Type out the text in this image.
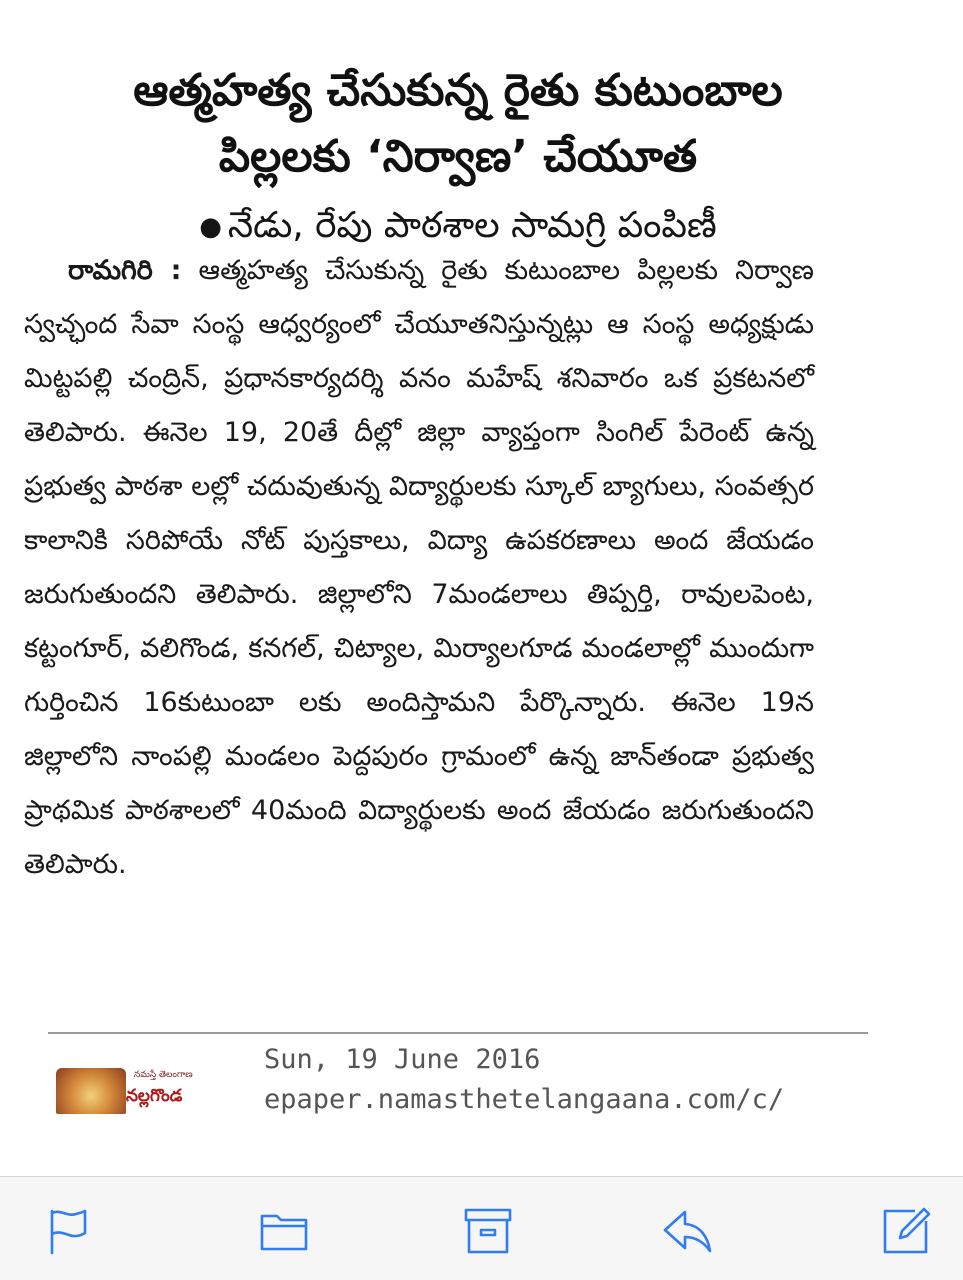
ఆత్మహత్య చేసుకున్న రైతు కుటుంబాల
పిల్లలకు ‘నిర్వాణ’ చేయూత
● నేడు, రేపు పాఠశాల సామగ్రి పంపిణీ
రామగిరి : ఆత్మహత్య చేసుకున్న రైతు కుటుంబాల పిల్లలకు నిర్వాణ స్వచ్ఛంద సేవా సంస్థ ఆధ్వర్యంలో చేయూతనిస్తున్నట్లు ఆ సంస్థ అధ్యక్షుడు మిట్టపల్లి చంద్రిన్, ప్రధానకార్యదర్శి వనం మహేష్ శనివారం ఒక ప్రకటనలో తెలిపారు. ఈనెల 19, 20తే దీల్లో జిల్లా వ్యాప్తంగా సింగిల్ పేరెంట్ ఉన్న ప్రభుత్వ పాఠశా లల్లో చదువుతున్న విద్యార్థులకు స్కూల్ బ్యాగులు, సంవత్సర కాలానికి సరిపోయే నోట్ పుస్తకాలు, విద్యా ఉపకరణాలు అంద జేయడం జరుగుతుందని తెలిపారు. జిల్లాలోని 7మండలాలు తిప్పర్తి, రావులపెంట, కట్టంగూర్, వలిగొండ, కనగల్, చిట్యాల, మిర్యాలగూడ మండలాల్లో ముందుగా గుర్తించిన 16కుటుంబా లకు అందిస్తామని పేర్కొన్నారు. ఈనెల 19న జిల్లాలోని నాంపల్లి మండలం పెద్దపురం గ్రామంలో ఉన్న జాన్‌తండా ప్రభుత్వ ప్రాథమిక పాఠశాలలో 40మంది విద్యార్థులకు అంద జేయడం జరుగుతుందని తెలిపారు.
నమస్తే తెలంగాణ
నల్లగొండ
Sun, 19 June 2016
epaper.namasthetelangaana.com/c/
